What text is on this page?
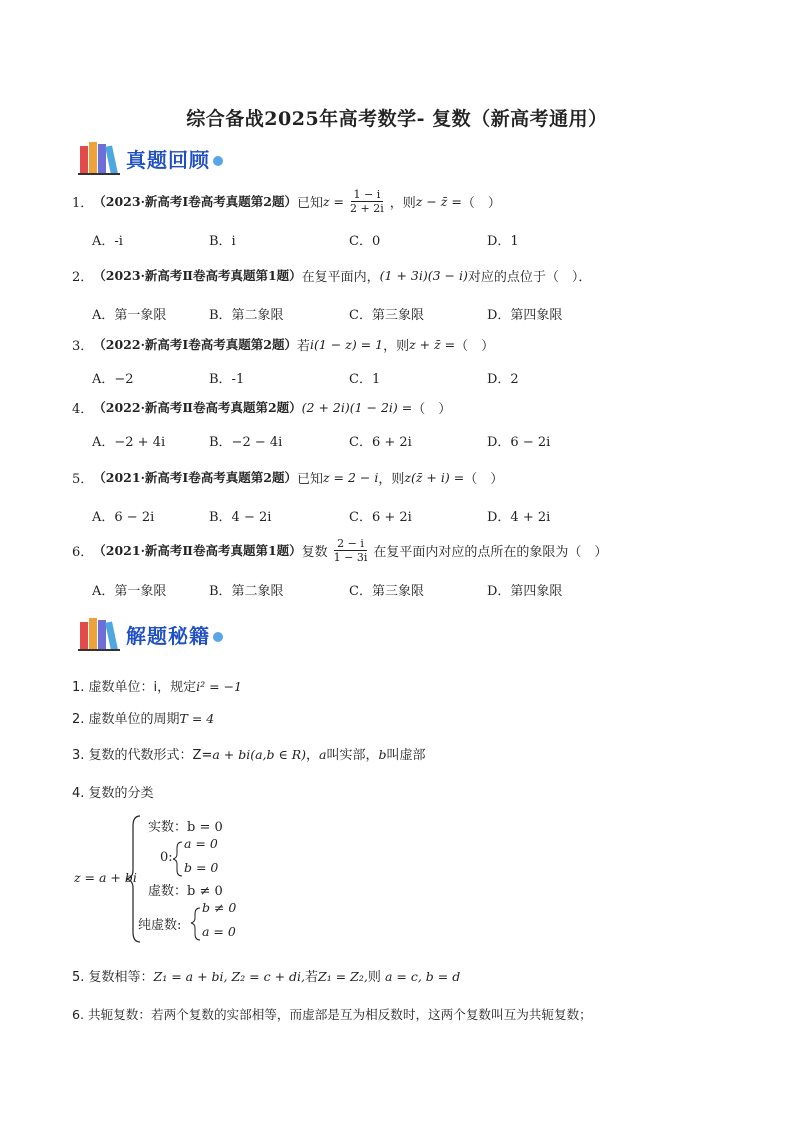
综合备战2025年高考数学- 复数（新高考通用）
真题回顾
1． （2023·新高考Ⅰ卷高考真题第2题） 已知 $z = \frac{1 - i}{2 + 2i}$ ，则 z − z̄ = （　）
A．-i	B．i	C．0	D．1
2． （2023·新高考Ⅱ卷高考真题第1题） 在复平面内， (1 + 3i)(3 − i) 对应的点位于（　）．
A．第一象限	B．第二象限	C．第三象限	D．第四象限
3． （2022·新高考Ⅰ卷高考真题第2题） 若 i(1 − z) = 1 ，则 z + z̄ = （　）
A．−2	B．-1	C．1	D．2
4． （2022·新高考Ⅱ卷高考真题第2题） (2 + 2i)(1 − 2i) = （　）
A．−2 + 4i	B．−2 − 4i	C．6 + 2i	D．6 − 2i
5． （2021·新高考Ⅰ卷高考真题第2题） 已知 z = 2 − i ，则 z(z̄ + i) = （　）
A．6 − 2i	B．4 − 2i	C．6 + 2i	D．4 + 2i
6． （2021·新高考Ⅱ卷高考真题第1题） 复数 $\frac{2 - i}{1 - 3i}$ 在复平面内对应的点所在的象限为（　）
A．第一象限	B．第二象限	C．第三象限	D．第四象限
解题秘籍
1. 虚数单位：i，规定i² = −1
2. 虚数单位的周期T = 4
3. 复数的代数形式：Z=a + bi(a,b ∈ R)，a叫实部，b叫虚部
4. 复数的分类
z = a + bi
实数：b = 0
0:
a = 0
b = 0
虚数：b ≠ 0
纯虚数:
b ≠ 0
a = 0
5. 复数相等：Z₁ = a + bi, Z₂ = c + di,若Z₁ = Z₂,则 a = c, b = d
6. 共轭复数：若两个复数的实部相等，而虚部是互为相反数时，这两个复数叫互为共轭复数；
